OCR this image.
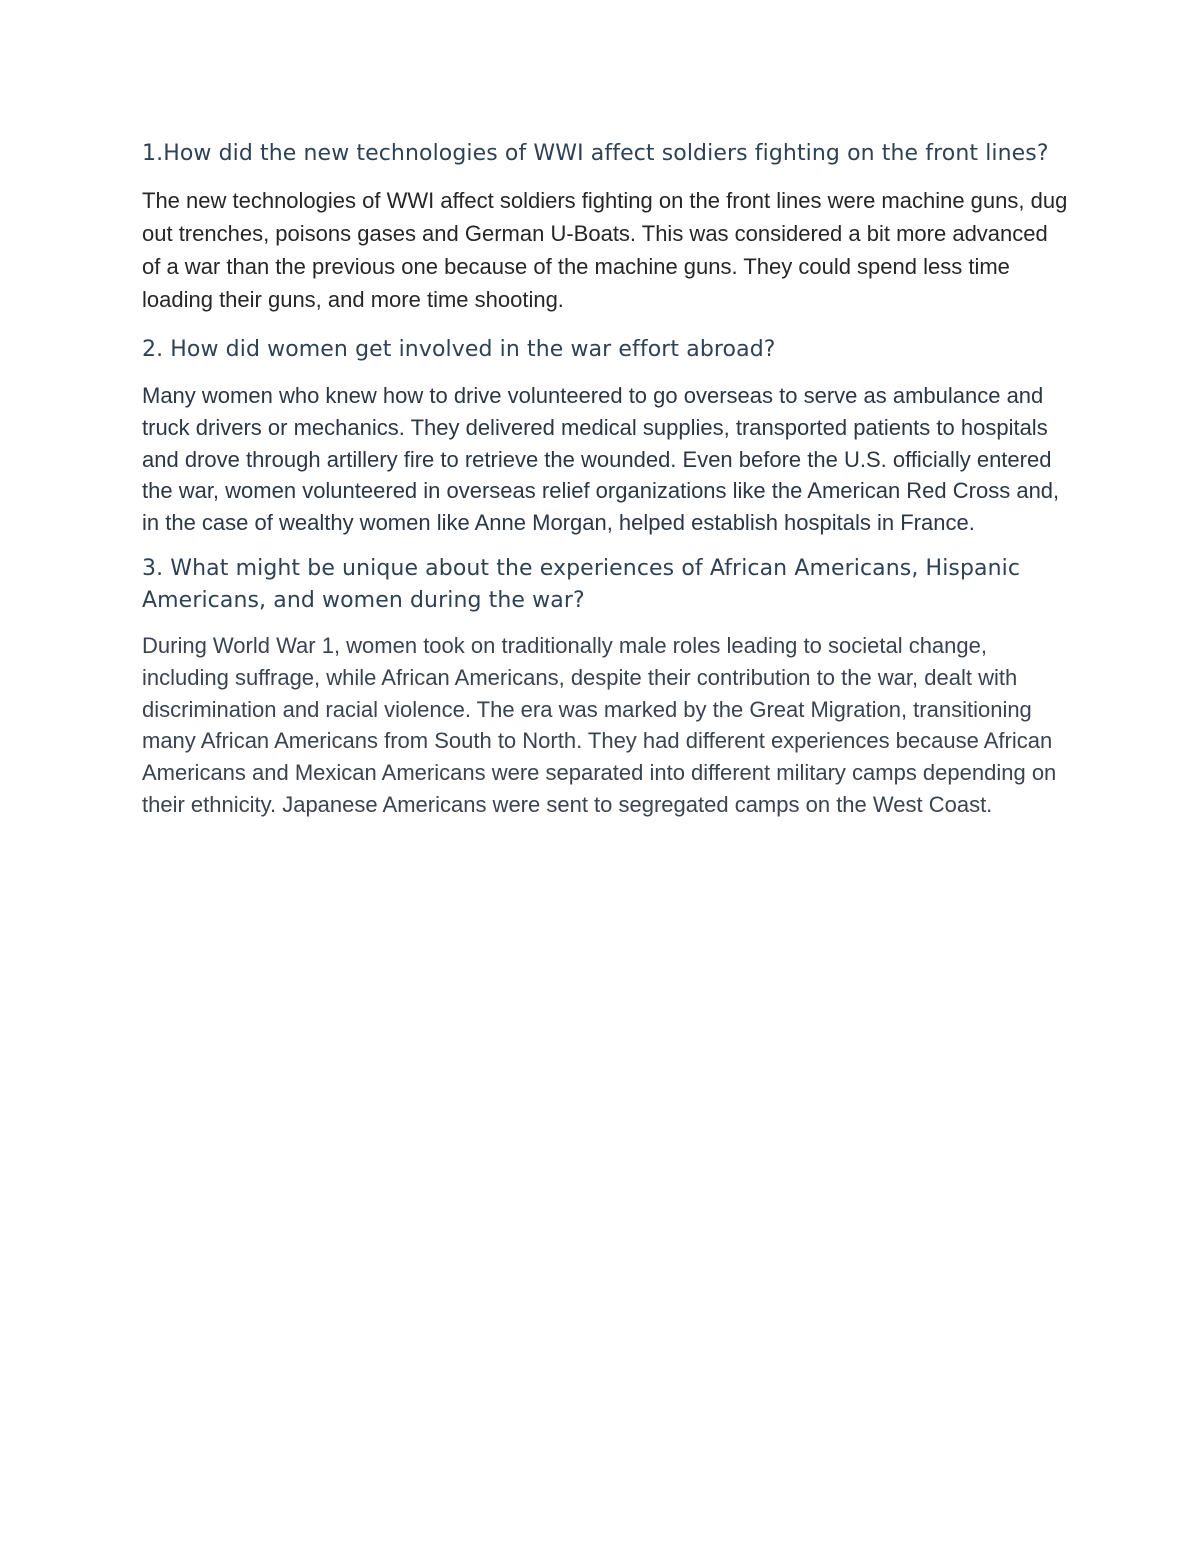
1.How did the new technologies of WWI affect soldiers fighting on the front lines?

The new technologies of WWI affect soldiers fighting on the front lines were machine guns, dug out trenches, poisons gases and German U-Boats. This was considered a bit more advanced of a war than the previous one because of the machine guns. They could spend less time loading their guns, and more time shooting.

2. How did women get involved in the war effort abroad?

Many women who knew how to drive volunteered to go overseas to serve as ambulance and truck drivers or mechanics. They delivered medical supplies, transported patients to hospitals and drove through artillery fire to retrieve the wounded. Even before the U.S. officially entered the war, women volunteered in overseas relief organizations like the American Red Cross and, in the case of wealthy women like Anne Morgan, helped establish hospitals in France.

3. What might be unique about the experiences of African Americans, Hispanic Americans, and women during the war?

During World War 1, women took on traditionally male roles leading to societal change, including suffrage, while African Americans, despite their contribution to the war, dealt with discrimination and racial violence. The era was marked by the Great Migration, transitioning many African Americans from South to North. They had different experiences because African Americans and Mexican Americans were separated into different military camps depending on their ethnicity. Japanese Americans were sent to segregated camps on the West Coast.
